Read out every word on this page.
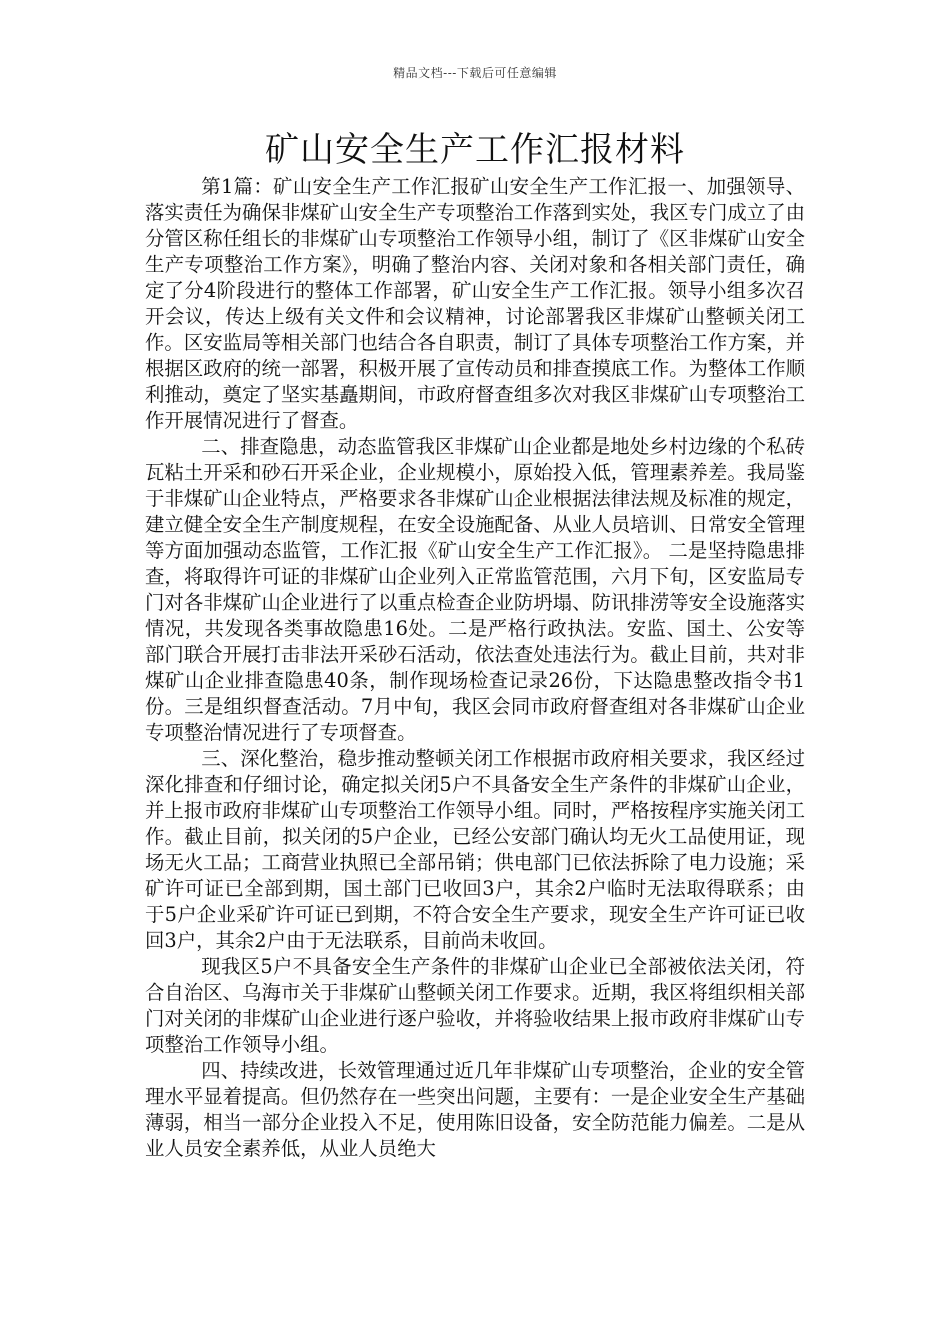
精品文档---下载后可任意编辑
矿山安全生产工作汇报材料

第1篇：矿山安全生产工作汇报矿山安全生产工作汇报一、加强领导、落实责任为确保非煤矿山安全生产专项整治工作落到实处，我区专门成立了由分管区称任组长的非煤矿山专项整治工作领导小组，制订了《区非煤矿山安全生产专项整治工作方案》，明确了整治内容、关闭对象和各相关部门责任，确定了分4阶段进行的整体工作部署，矿山安全生产工作汇报。领导小组多次召开会议，传达上级有关文件和会议精神，讨论部署我区非煤矿山整顿关闭工作。区安监局等相关部门也结合各自职责，制订了具体专项整治工作方案，并根据区政府的统一部署，积极开展了宣传动员和排查摸底工作。为整体工作顺利推动，奠定了坚实基矗期间，市政府督查组多次对我区非煤矿山专项整治工作开展情况进行了督查。

二、排查隐患，动态监管我区非煤矿山企业都是地处乡村边缘的个私砖瓦粘土开采和砂石开采企业，企业规模小，原始投入低，管理素养差。我局鉴于非煤矿山企业特点，严格要求各非煤矿山企业根据法律法规及标准的规定，建立健全安全生产制度规程，在安全设施配备、从业人员培训、日常安全管理等方面加强动态监管，工作汇报《矿山安全生产工作汇报》。 二是坚持隐患排查，将取得许可证的非煤矿山企业列入正常监管范围，六月下旬，区安监局专门对各非煤矿山企业进行了以重点检查企业防坍塌、防讯排涝等安全设施落实情况，共发现各类事故隐患16处。二是严格行政执法。安监、国土、公安等部门联合开展打击非法开采砂石活动，依法查处违法行为。截止目前，共对非煤矿山企业排查隐患40条，制作现场检查记录26份，下达隐患整改指令书1份。三是组织督查活动。7月中旬，我区会同市政府督查组对各非煤矿山企业专项整治情况进行了专项督查。

三、深化整治，稳步推动整顿关闭工作根据市政府相关要求，我区经过深化排查和仔细讨论，确定拟关闭5户不具备安全生产条件的非煤矿山企业，并上报市政府非煤矿山专项整治工作领导小组。同时，严格按程序实施关闭工作。截止目前，拟关闭的5户企业，已经公安部门确认均无火工品使用证，现场无火工品；工商营业执照已全部吊销；供电部门已依法拆除了电力设施；采矿许可证已全部到期，国土部门已收回3户，其余2户临时无法取得联系；由于5户企业采矿许可证已到期，不符合安全生产要求，现安全生产许可证已收回3户，其余2户由于无法联系，目前尚未收回。

现我区5户不具备安全生产条件的非煤矿山企业已全部被依法关闭，符合自治区、乌海市关于非煤矿山整顿关闭工作要求。近期，我区将组织相关部门对关闭的非煤矿山企业进行逐户验收，并将验收结果上报市政府非煤矿山专项整治工作领导小组。

四、持续改进，长效管理通过近几年非煤矿山专项整治，企业的安全管理水平显着提高。但仍然存在一些突出问题，主要有：一是企业安全生产基础薄弱，相当一部分企业投入不足，使用陈旧设备，安全防范能力偏差。二是从业人员安全素养低，从业人员绝大
